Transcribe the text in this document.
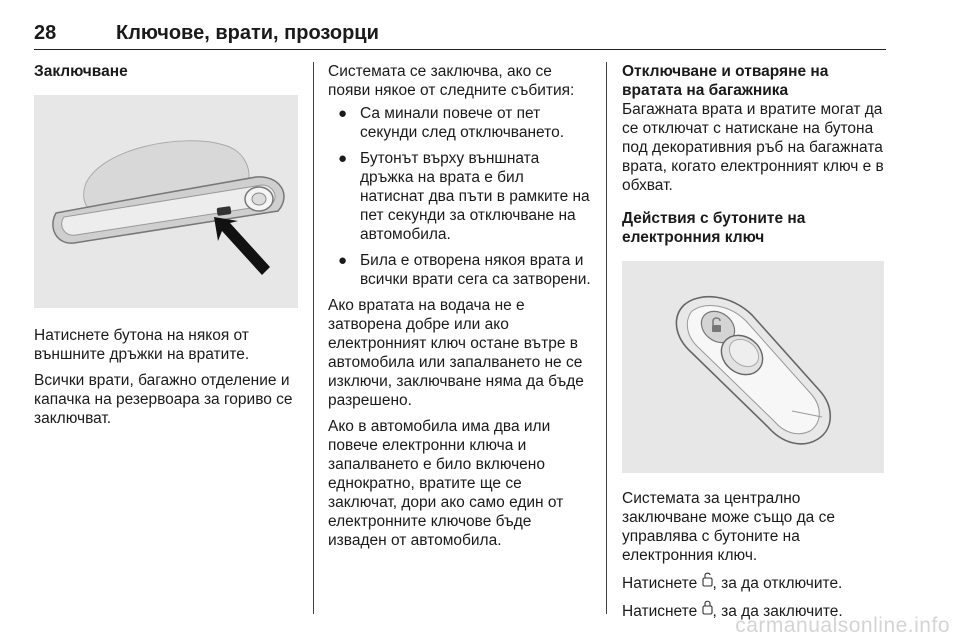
28	Ключове, врати, прозорци
Заключване

Натиснете бутона на някоя от външните дръжки на вратите.

Всички врати, багажно отделение и капачка на резервоара за гориво се заключват.

Системата се заключва, ако се появи някое от следните събития:

● Са минали повече от пет секунди след отключването.
● Бутонът върху външната дръжка на врата е бил натиснат два пъти в рамките на пет секунди за отключване на автомобила.
● Била е отворена някоя врата и всички врати сега са затворени.

Ако вратата на водача не е затворена добре или ако електронният ключ остане вътре в автомобила или запалването не се изключи, заключване няма да бъде разрешено.

Ако в автомобила има два или повече електронни ключа и запалването е било включено еднократно, вратите ще се заключат, дори ако само един от електронните ключове бъде изваден от автомобила.

Отключване и отваряне на вратата на багажника

Багажната врата и вратите могат да се отключат с натискане на бутона под декоративния ръб на багажната врата, когато електронният ключ е в обхват.

Действия с бутоните на електронния ключ

Системата за централно заключване може също да се управлява с бутоните на електронния ключ.

Натиснете , за да отключите.

Натиснете , за да заключите.

carmanualsonline.info
